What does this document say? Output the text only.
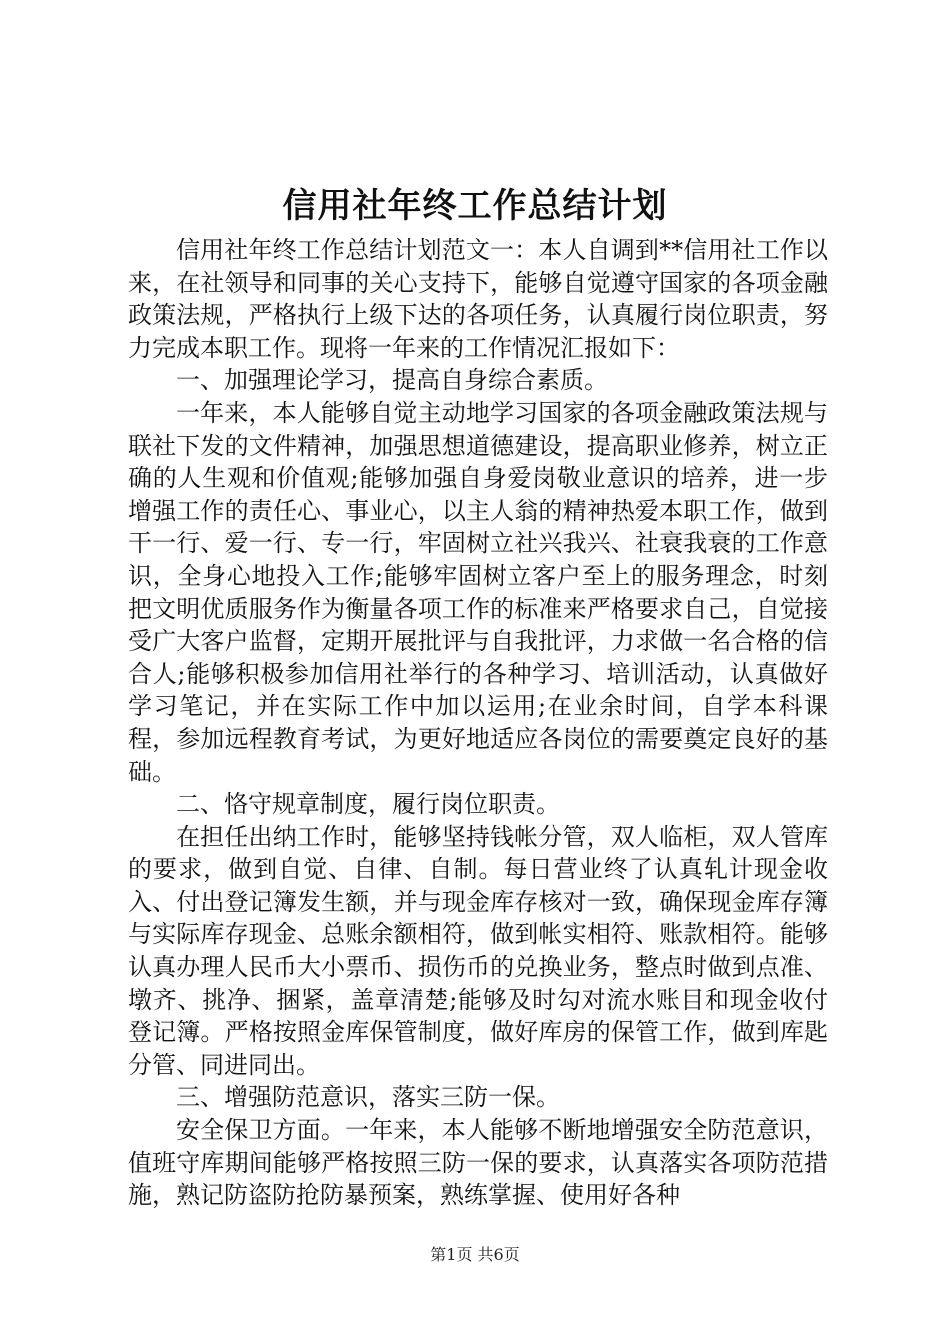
信用社年终工作总结计划

信用社年终工作总结计划范文一：本人自调到**信用社工作以来，在社领导和同事的关心支持下，能够自觉遵守国家的各项金融政策法规，严格执行上级下达的各项任务，认真履行岗位职责，努力完成本职工作。现将一年来的工作情况汇报如下：

一、加强理论学习，提高自身综合素质。

一年来，本人能够自觉主动地学习国家的各项金融政策法规与联社下发的文件精神，加强思想道德建设，提高职业修养，树立正确的人生观和价值观;能够加强自身爱岗敬业意识的培养，进一步增强工作的责任心、事业心，以主人翁的精神热爱本职工作，做到干一行、爱一行、专一行，牢固树立社兴我兴、社衰我衰的工作意识，全身心地投入工作;能够牢固树立客户至上的服务理念，时刻把文明优质服务作为衡量各项工作的标准来严格要求自己，自觉接受广大客户监督，定期开展批评与自我批评，力求做一名合格的信合人;能够积极参加信用社举行的各种学习、培训活动，认真做好学习笔记，并在实际工作中加以运用;在业余时间，自学本科课程，参加远程教育考试，为更好地适应各岗位的需要奠定良好的基础。

二、恪守规章制度，履行岗位职责。

在担任出纳工作时，能够坚持钱帐分管，双人临柜，双人管库的要求，做到自觉、自律、自制。每日营业终了认真轧计现金收入、付出登记簿发生额，并与现金库存核对一致，确保现金库存簿与实际库存现金、总账余额相符，做到帐实相符、账款相符。能够认真办理人民币大小票币、损伤币的兑换业务，整点时做到点准、墩齐、挑净、捆紧，盖章清楚;能够及时勾对流水账目和现金收付登记簿。严格按照金库保管制度，做好库房的保管工作，做到库匙分管、同进同出。

三、增强防范意识，落实三防一保。

安全保卫方面。一年来，本人能够不断地增强安全防范意识，值班守库期间能够严格按照三防一保的要求，认真落实各项防范措施，熟记防盗防抢防暴预案，熟练掌握、使用好各种

第1页 共6页
